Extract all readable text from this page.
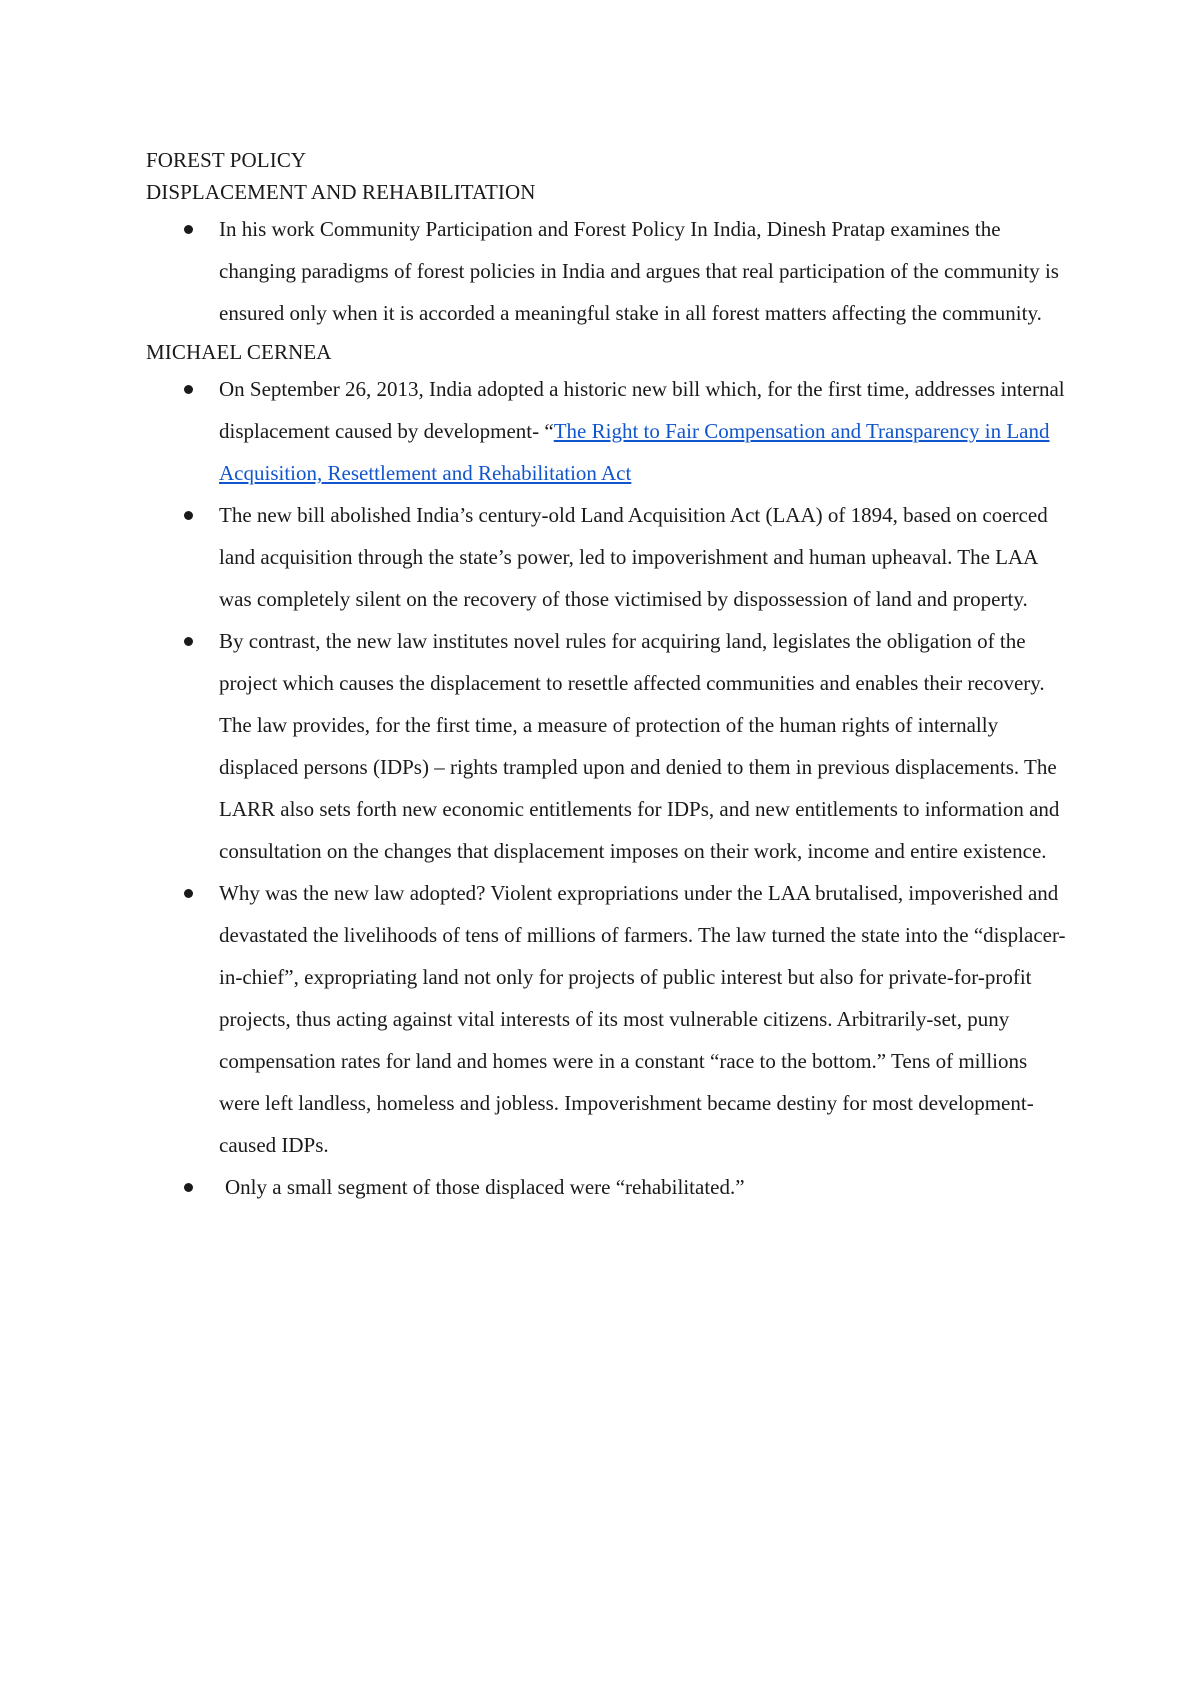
FOREST POLICY
DISPLACEMENT AND REHABILITATION
In his work Community Participation and Forest Policy In India, Dinesh Pratap examines the changing paradigms of forest policies in India and argues that real participation of the community is ensured only when it is accorded a meaningful stake in all forest matters affecting the community.
MICHAEL CERNEA
On September 26, 2013, India adopted a historic new bill which, for the first time, addresses internal displacement caused by development- “The Right to Fair Compensation and Transparency in Land Acquisition, Resettlement and Rehabilitation Act
The new bill abolished India’s century-old Land Acquisition Act (LAA) of 1894, based on coerced land acquisition through the state’s power, led to impoverishment and human upheaval. The LAA was completely silent on the recovery of those victimised by dispossession of land and property.
By contrast, the new law institutes novel rules for acquiring land, legislates the obligation of the project which causes the displacement to resettle affected communities and enables their recovery. The law provides, for the first time, a measure of protection of the human rights of internally displaced persons (IDPs) – rights trampled upon and denied to them in previous displacements. The LARR also sets forth new economic entitlements for IDPs, and new entitlements to information and consultation on the changes that displacement imposes on their work, income and entire existence.
Why was the new law adopted? Violent expropriations under the LAA brutalised, impoverished and devastated the livelihoods of tens of millions of farmers. The law turned the state into the “displacer-in-chief”, expropriating land not only for projects of public interest but also for private-for-profit projects, thus acting against vital interests of its most vulnerable citizens. Arbitrarily-set, puny compensation rates for land and homes were in a constant “race to the bottom.” Tens of millions were left landless, homeless and jobless. Impoverishment became destiny for most development-caused IDPs.
Only a small segment of those displaced were “rehabilitated.”
